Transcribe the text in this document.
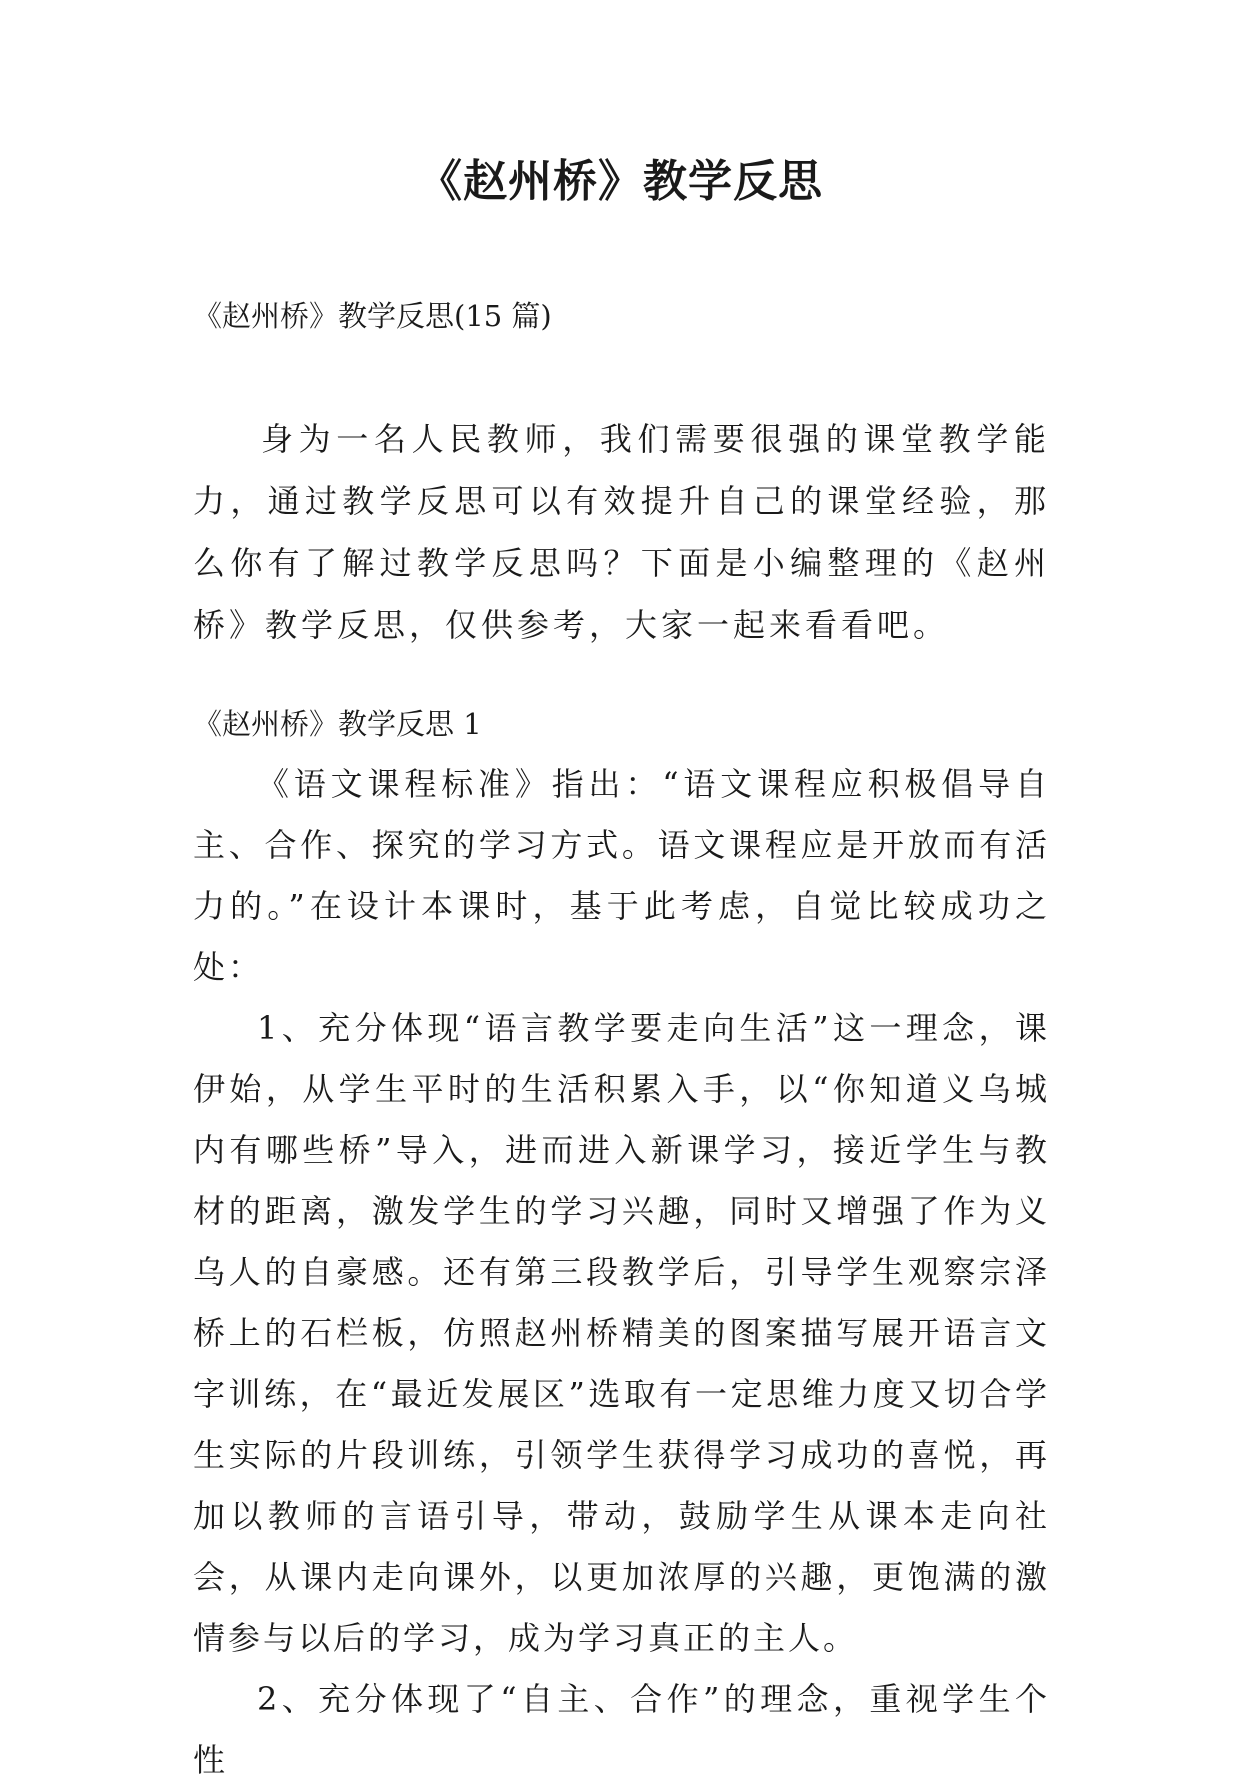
《赵州桥》教学反思

《赵州桥》教学反思(15 篇)

身为一名人民教师，我们需要很强的课堂教学能力，通过教学反思可以有效提升自己的课堂经验，那么你有了解过教学反思吗？下面是小编整理的《赵州桥》教学反思，仅供参考，大家一起来看看吧。

《赵州桥》教学反思 1

《语文课程标准》指出：“语文课程应积极倡导自主、合作、探究的学习方式。语文课程应是开放而有活力的。”在设计本课时，基于此考虑，自觉比较成功之处：

1、充分体现“语言教学要走向生活”这一理念，课伊始，从学生平时的生活积累入手，以“你知道义乌城内有哪些桥”导入，进而进入新课学习，接近学生与教材的距离，激发学生的学习兴趣，同时又增强了作为义乌人的自豪感。还有第三段教学后，引导学生观察宗泽桥上的石栏板，仿照赵州桥精美的图案描写展开语言文字训练，在“最近发展区”选取有一定思维力度又切合学生实际的片段训练，引领学生获得学习成功的喜悦，再加以教师的言语引导，带动，鼓励学生从课本走向社会，从课内走向课外，以更加浓厚的兴趣，更饱满的激情参与以后的学习，成为学习真正的主人。

2、充分体现了“自主、合作”的理念，重视学生个性
